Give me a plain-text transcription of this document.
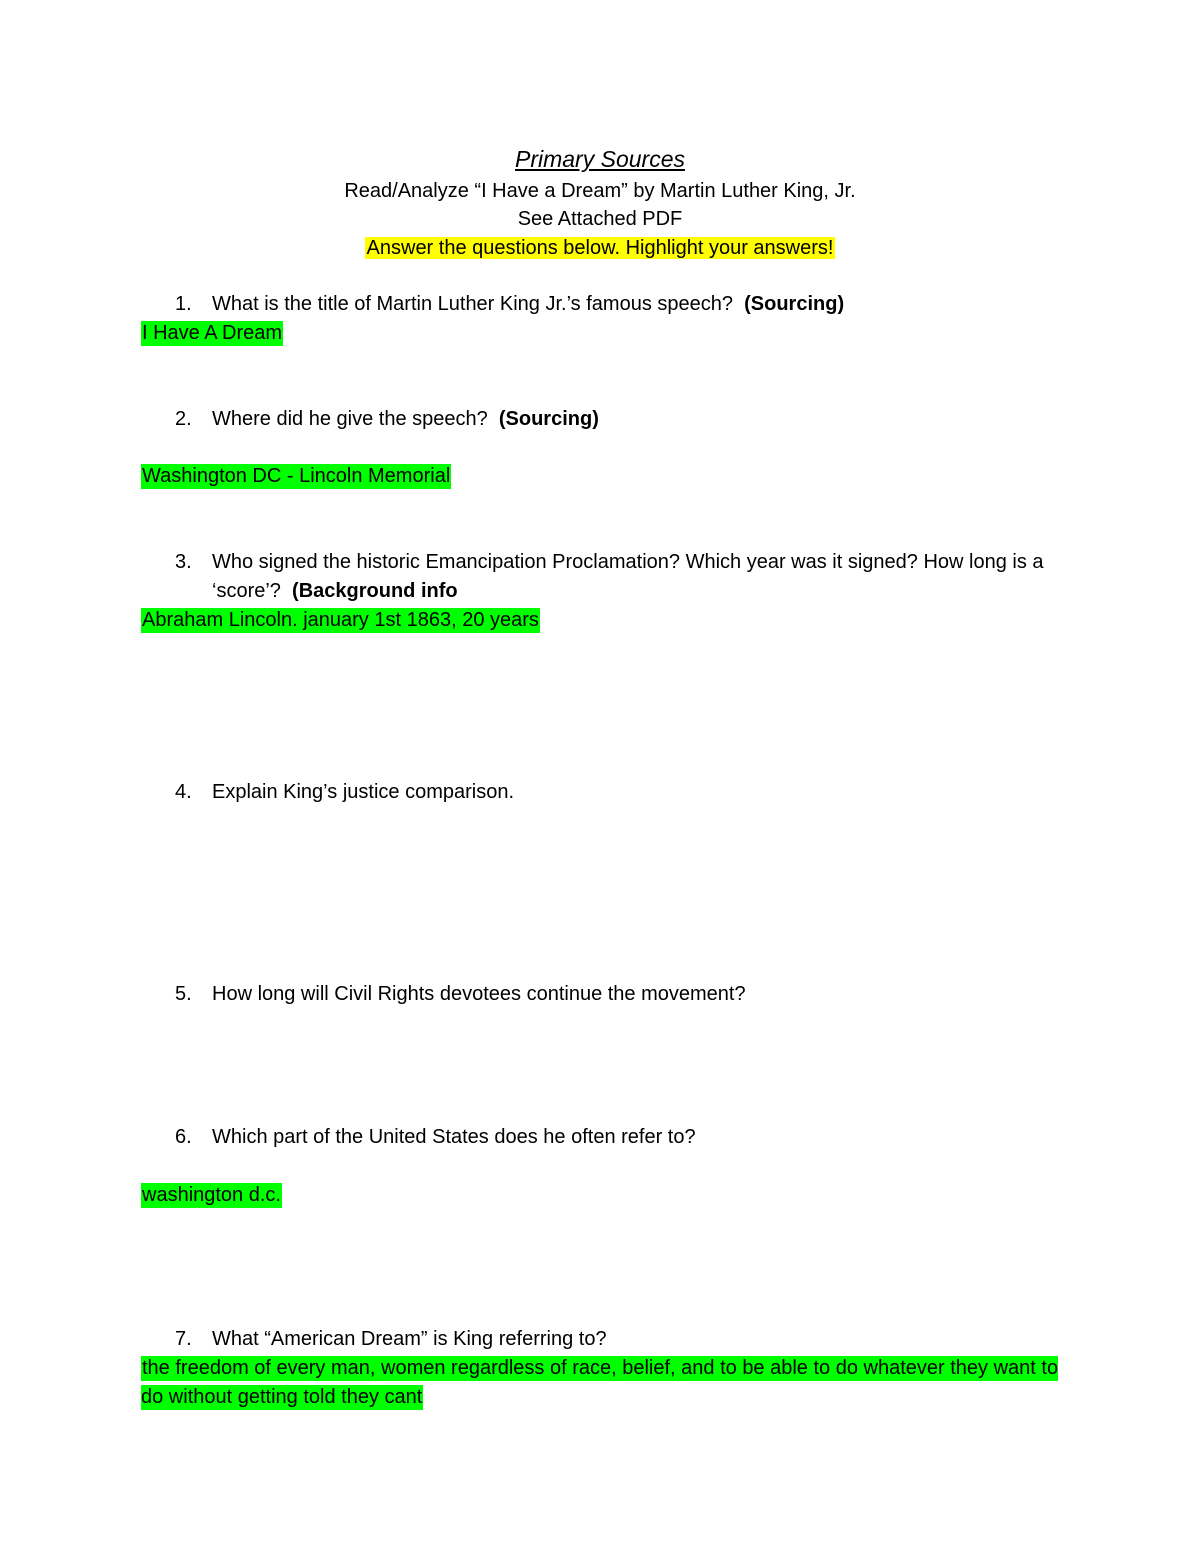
Primary Sources
Read/Analyze “I Have a Dream” by Martin Luther King, Jr.
See Attached PDF
Answer the questions below. Highlight your answers!
1. What is the title of Martin Luther King Jr.’s famous speech? (Sourcing)
I Have A Dream
2. Where did he give the speech? (Sourcing)
Washington DC - Lincoln Memorial
3. Who signed the historic Emancipation Proclamation? Which year was it signed? How long is a ‘score’? (Background info
Abraham Lincoln. january 1st 1863, 20 years
4. Explain King’s justice comparison.
5. How long will Civil Rights devotees continue the movement?
6. Which part of the United States does he often refer to?
washington d.c.
7. What “American Dream” is King referring to?
the freedom of every man, women regardless of race, belief, and to be able to do whatever they want to do without getting told they cant
